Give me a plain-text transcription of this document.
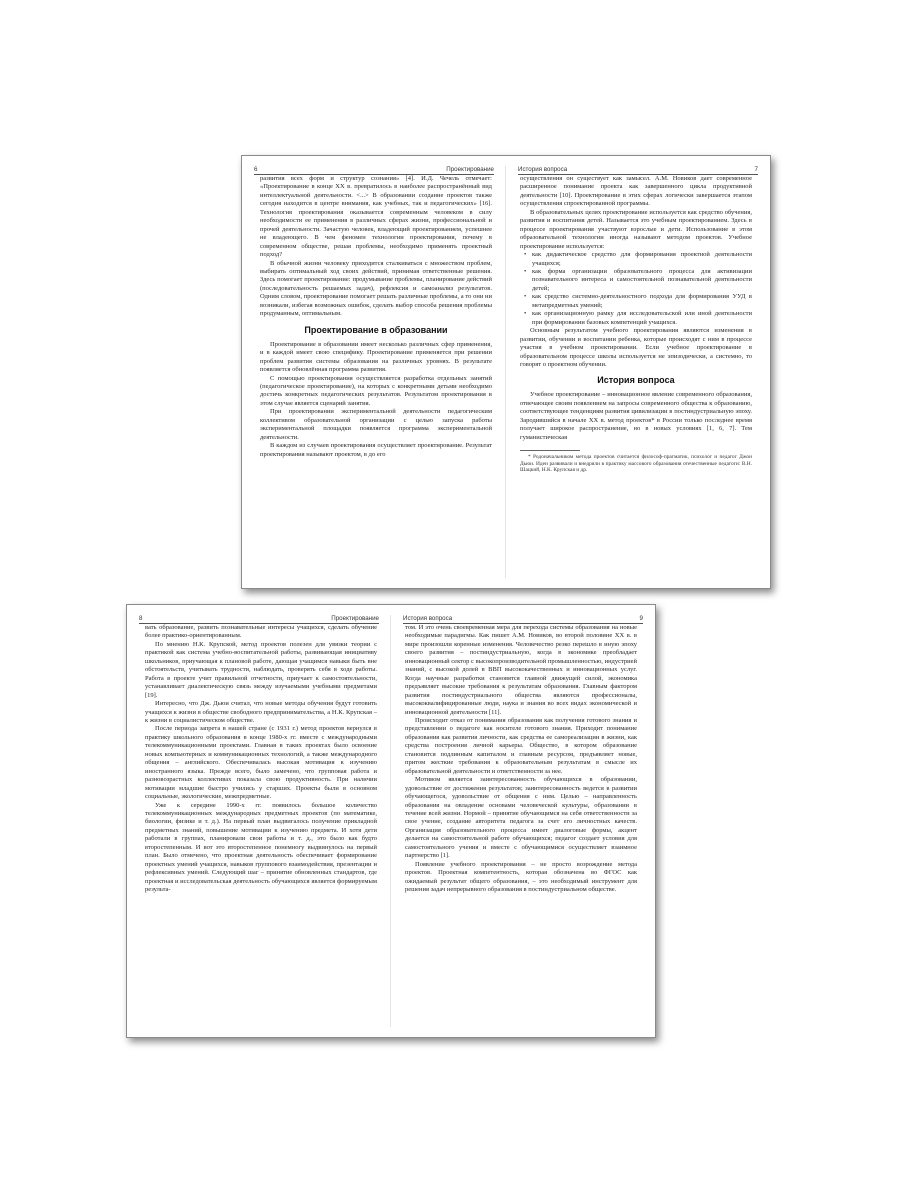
6	Проектирование

развития всех форм и структур сознания» [4]. И.Д. Чечель отмечает: «Проектирование в конце XX в. превратилось в наиболее распространённый вид интеллектуальной деятельности. <...> В образовании создание проектов также сегодня находится в центре внимания, как учебных, так и педагогических» [16]. Технология проектирования оказывается современным человеком в силу необходимости ее применения в различных сферах жизни, профессиональной и прочей деятельности. Зачастую человек, владеющий проектированием, успешнее не владеющего. В чем феномен технологии проектирования, почему в современном обществе, решая проблемы, необходимо применять проектный подход?

В обычной жизни человеку приходится сталкиваться с множеством проблем, выбирать оптимальный ход своих действий, принимая ответственные решения. Здесь помогает проектирование: продумывание проблемы, планирование действий (последовательность решаемых задач), рефлексия и самоанализ результатов. Одним словом, проектирование помогает решать различные проблемы, а то они ни возникали, избегая возможных ошибок, сделать выбор способа решения проблемы продуманным, оптимальным.

Проектирование в образовании

Проектирование в образовании имеет несколько различных сфер применения, и в каждой имеет свою специфику. Проектирование применяется при решении проблем развития системы образования на различных уровнях. В результате появляется обновлённая программа развития.

С помощью проектирования осуществляется разработка отдельных занятий (педагогическое проектирование), на которых с конкретными детьми необходимо достичь конкретных педагогических результатов. Результатом проектирования в этом случае является сценарий занятия.

При проектировании экспериментальной деятельности педагогическим коллективом образовательной организации с целью запуска работы экспериментальной площадки появляется программа экспериментальной деятельности.

В каждом из случаев проектирования осуществляет проектирование. Результат проектирования называют проектом, в до его

История вопроса	7

осуществления он существует как замысел. А.М. Новиков дает современное расширенное понимание проекта как завершенного цикла продуктивной деятельности [10]. Проектирование в этих сферах логически завершается этапом осуществления спроектированной программы.

В образовательных целях проектирование используется как средство обучения, развития и воспитания детей. Называется это учебным проектированием. Здесь в процессе проектирования участвуют взрослые и дети. Использование в этом образовательной технологии иногда называют методом проектов. Учебное проектирование используется:

• как дидактическое средство для формирования проектной деятельности учащихся;
• как форма организации образовательного процесса для активизации познавательного интереса и самостоятельной познавательной деятельности детей;
• как средство системно-деятельностного подхода для формирования УУД в метапредметных умений;
• как организационную рамку для исследовательской или иной деятельности при формировании базовых компетенций учащихся.

Основным результатом учебного проектирования являются изменения в развитии, обучении и воспитании ребенка, которые происходят с ним в процессе участия в учебном проектировании. Если учебное проектирование в образовательном процессе школы используется не эпизодически, а системно, то говорят о проектном обучении.

История вопроса

Учебное проектирование – инновационное явление современного образования, отвечающее своим появлением на запросы современного общества к образованию, соответствующее тенденциям развития цивилизации в постиндустриальную эпоху. Зародившийся в начале XX в. метод проектов* в России только последнее время получает широкое распространение, но в новых условиях [1, 6, 7]. Тем гуманистическая

* Родоначальником метода проектов считается философ-прагматик, психолог и педагог Джон Дьюи. Идеи развивали и внедряли в практику массового образования отечественные педагоги: В.Н. Шацкий, Н.К. Крупская и др.

8	Проектирование

вать образование, развить познавательные интересы учащихся, сделать обучение более практико-ориентированным.

По мнению Н.К. Крупской, метод проектов полезен для увязки теории с практикой как система учебно-воспитательной работы, развивающая инициативу школьников, приучающая к плановой работе, дающая учащимся навыки быть вне обстоятельств, учитывать трудности, наблюдать, проверять себя в ходе работы. Работа в проекте учит правильной отчетности, приучает к самостоятельности, устанавливает диалектическую связь между изучаемыми учебными предметами [19].

Интересно, что Дж. Дьюи считал, что новые методы обучения будут готовить учащихся к жизни в обществе свободного предпринимательства, а Н.К. Крупская – к жизни в социалистическом обществе.

После периода запрета в нашей стране (с 1931 г.) метод проектов вернулся в практику школьного образования в конце 1980-х гг. вместе с международными телекоммуникационными проектами. Главная в таких проектах было освоение новых компьютерных и коммуникационных технологий, а также международного общения – английского. Обеспечивалась высокая мотивация к изучению иностранного языка. Прежде всего, было замечено, что групповая работа и разновозрастных коллективах показала свою продуктивность. При наличии мотивации младшие быстро учились у старших. Проекты были в основном социальные, экологические, межпредметные.

Уже к середине 1990-х гг. появилось большое количество телекоммуникационных международных предметных проектов (по математике, биологии, физике и т. д.). На первый план выдвигалось получение прикладной предметных знаний, повышение мотивации к изучению предмета. И хотя дети работали в группах, планировали свои работы и т. д., это было как будто второстепенным. И вот это второстепенное понемногу выдвинулось на первый план. Было отмечено, что проектная деятельность обеспечивает формирование проектных умений учащихся, навыков группового взаимодействия, презентации и рефлексивных умений. Следующий шаг – принятие обновленных стандартов, где проектная и исследовательская деятельность обучающихся является формируемым результа-

История вопроса	9

том. И это очень своевременная мера для перехода системы образования на новые необходимые парадигмы. Как пишет А.М. Новиков, во второй половине XX в. в мире произошли коренные изменения. Человечество резко перешло в иную эпоху своего развития – постиндустриальную, когда в экономике преобладает инновационный сектор с высокопроизводительной промышленностью, индустрией знаний, с высокой долей в ВВП высококачественных и инновационных услуг. Когда научные разработки становятся главной движущей силой, экономика предъявляет высокие требования к результатам образования. Главным фактором развития постиндустриального общества являются профессионалы, высококвалифицированные люди, наука и знания во всех видах экономической и инновационной деятельности [11].

Происходит отказ от понимания образования как получения готового знания и представлении о педагоге как носителе готового знания. Приходит понимание образования как развития личности, как средства ее самореализации в жизни, как средства построения личной карьеры. Общество, в котором образование становится подлинным капиталом и главным ресурсом, предъявляет новые, притом жесткие требования к образовательным результатам в смысле их образовательной деятельности и ответственности за нее.

Мотивом является заинтересованность обучающихся в образовании, удовольствие от достижения результатов; заинтересованность ведется в развитии обучающегося, удовольствие от общения с ним. Целью – направленность образования на овладение основами человеческой культуры, образовании в течение всей жизни. Нормой – принятие обучающимся на себя ответственности за свое учение, создание авторитета педагога за счет его личностных качеств. Организация образовательного процесса имеет диалоговые формы, акцент делается на самостоятельной работе обучающихся; педагог создает условия для самостоятельного учения и вместе с обучающимися осуществляет взаимное партнерство [1].

Появление учебного проектирования – не просто возрождение метода проектов. Проектная компетентность, которая обозначена во ФГОС как ожидаемый результат общего образования, – это необходимый инструмент для решения задач непрерывного образования в постиндустриальном обществе.
